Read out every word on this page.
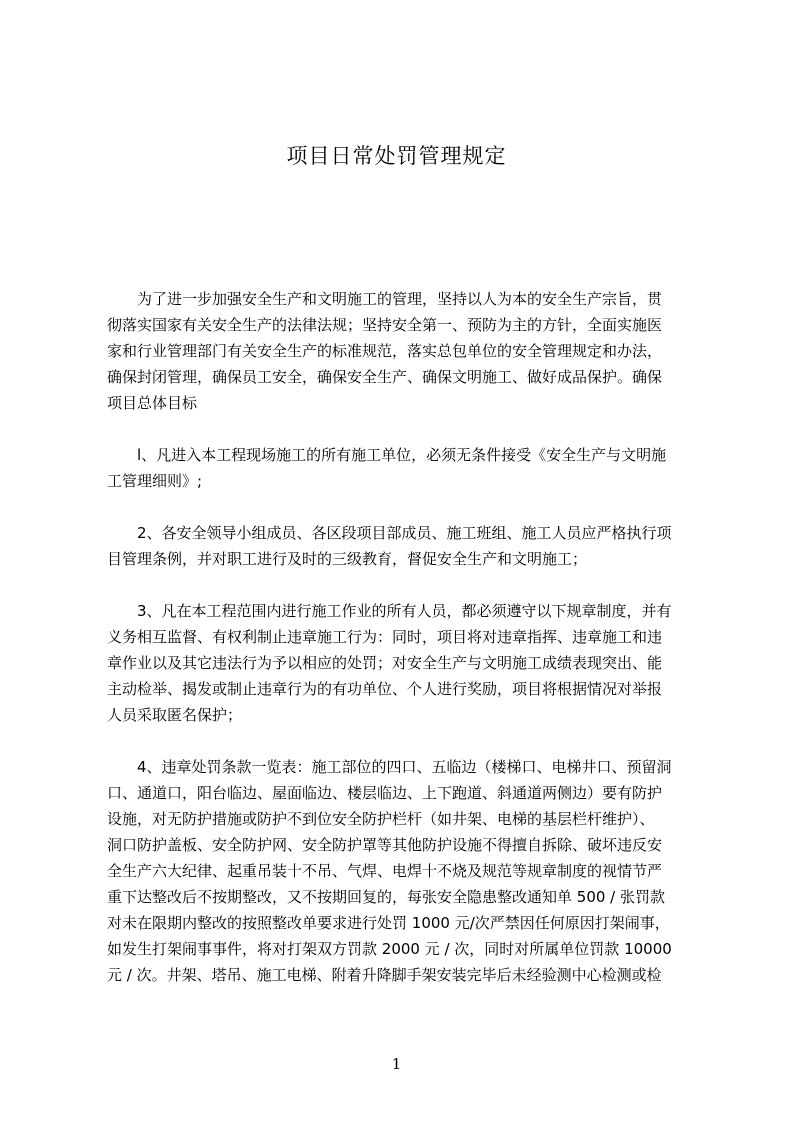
项目日常处罚管理规定
　　为了进一步加强安全生产和文明施工的管理，坚持以人为本的安全生产宗旨，贯
彻落实国家有关安全生产的法律法规；坚持安全第一、预防为主的方针，全面实施医
家和行业管理部门有关安全生产的标准规范，落实总包单位的安全管理规定和办法，
确保封闭管理，确保员工安全，确保安全生产、确保文明施工、做好成品保护。确保
项目总体目标
　　l、凡进入本工程现场施工的所有施工单位，必须无条件接受《安全生产与文明施
工管理细则》;
　　2、各安全领导小组成员、各区段项目部成员、施工班组、施工人员应严格执行项
目管理条例，并对职工进行及时的三级教育，督促安全生产和文明施工；
　　3、凡在本工程范围内进行施工作业的所有人员，都必须遵守以下规章制度，并有
义务相互监督、有权利制止违章施工行为：同时，项目将对违章指挥、违章施工和违
章作业以及其它违法行为予以相应的处罚；对安全生产与文明施工成绩表现突出、能
主动检举、揭发或制止违章行为的有功单位、个人进行奖励，项目将根据情况对举报
人员采取匿名保护；
　　4、违章处罚条款一览表：施工部位的四口、五临边（楼梯口、电梯井口、预留洞
口、通道口，阳台临边、屋面临边、楼层临边、上下跑道、斜通道两侧边）要有防护
设施，对无防护措施或防护不到位安全防护栏杆（如井架、电梯的基层栏杆维护）、
洞口防护盖板、安全防护网、安全防护罩等其他防护设施不得擅自拆除、破坏违反安
全生产六大纪律、起重吊装十不吊、气焊、电焊十不烧及规范等规章制度的视情节严
重下达整改后不按期整改，又不按期回复的，每张安全隐患整改通知单 500 / 张罚款
对未在限期内整改的按照整改单要求进行处罚 1000 元/次严禁因任何原因打架闹事，
如发生打架闹事事件，将对打架双方罚款 2000 元 / 次，同时对所属单位罚款 10000
元 / 次。井架、塔吊、施工电梯、附着升降脚手架安装完毕后未经验测中心检测或检
1
